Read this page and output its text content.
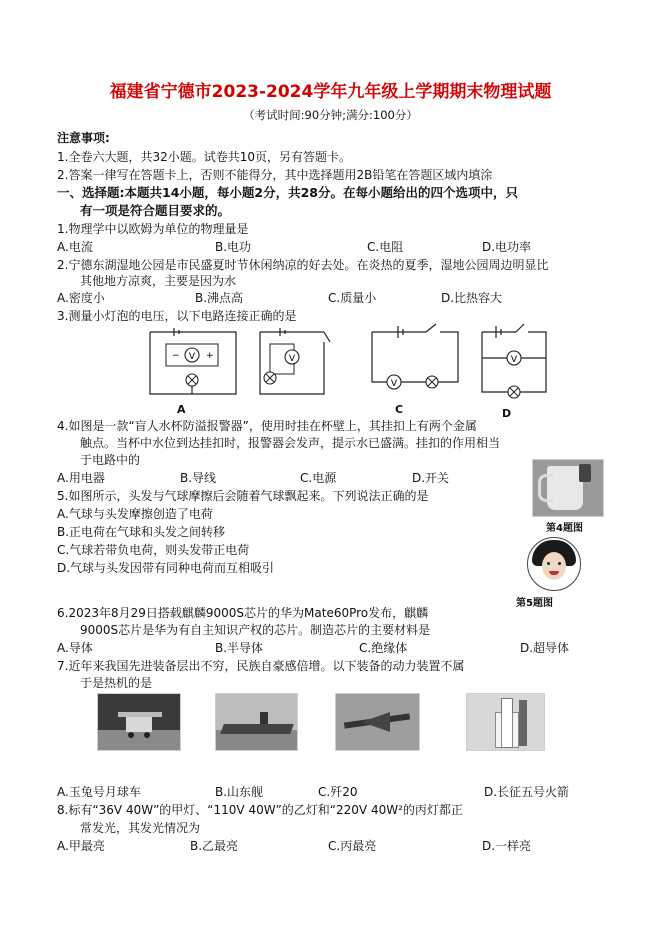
福建省宁德市2023-2024学年九年级上学期期末物理试题
（考试时间:90分钟;满分:100分）
注意事项:
1.全卷六大题，共32小题。试卷共10页，另有答题卡。
2.答案一律写在答题卡上，否则不能得分，其中选择题用2B铅笔在答题区域内填涂
一、选择题:本题共14小题，每小题2分，共28分。在每小题给出的四个选项中，只
有一项是符合题目要求的。
1.物理学中以欧姆为单位的物理量是
A.电流	B.电功	C.电阻	D.电功率
2.宁德东湖湿地公园是市民盛夏时节休闲纳凉的好去处。在炎热的夏季，湿地公园周边明显比
其他地方凉爽，主要是因为水
A.密度小	B.沸点高	C.质量小	D.比热容大
3.测量小灯泡的电压，以下电路连接正确的是
V
−	+
A
V
V
C
V
D
4.如图是一款“盲人水杯防溢报警器”，使用时挂在杯壁上，其挂扣上有两个金属
触点。当杯中水位到达挂扣时，报警器会发声，提示水已盛满。挂扣的作用相当
于电路中的
A.用电器	B.导线	C.电源	D.开关
第4题图
5.如图所示，头发与气球摩擦后会随着气球飘起来。下列说法正确的是
A.气球与头发摩擦创造了电荷
B.正电荷在气球和头发之间转移
C.气球若带负电荷，则头发带正电荷
D.气球与头发因带有同种电荷而互相吸引
第5题图
6.2023年8月29日搭载麒麟9000S芯片的华为Mate60Pro发布，麒麟
9000S芯片是华为有自主知识产权的芯片。制造芯片的主要材料是
A.导体	B.半导体	C.绝缘体	D.超导体
7.近年来我国先进装备层出不穷，民族自豪感倍增。以下装备的动力装置不属
于是热机的是
A.玉兔号月球车	B.山东舰	C.歼20	D.长征五号火箭
8.标有“36V 40W”的甲灯、“110V 40W”的乙灯和“220V 40W²的丙灯都正
常发光，其发光情况为
A.甲最亮	B.乙最亮	C.丙最亮	D.一样亮
